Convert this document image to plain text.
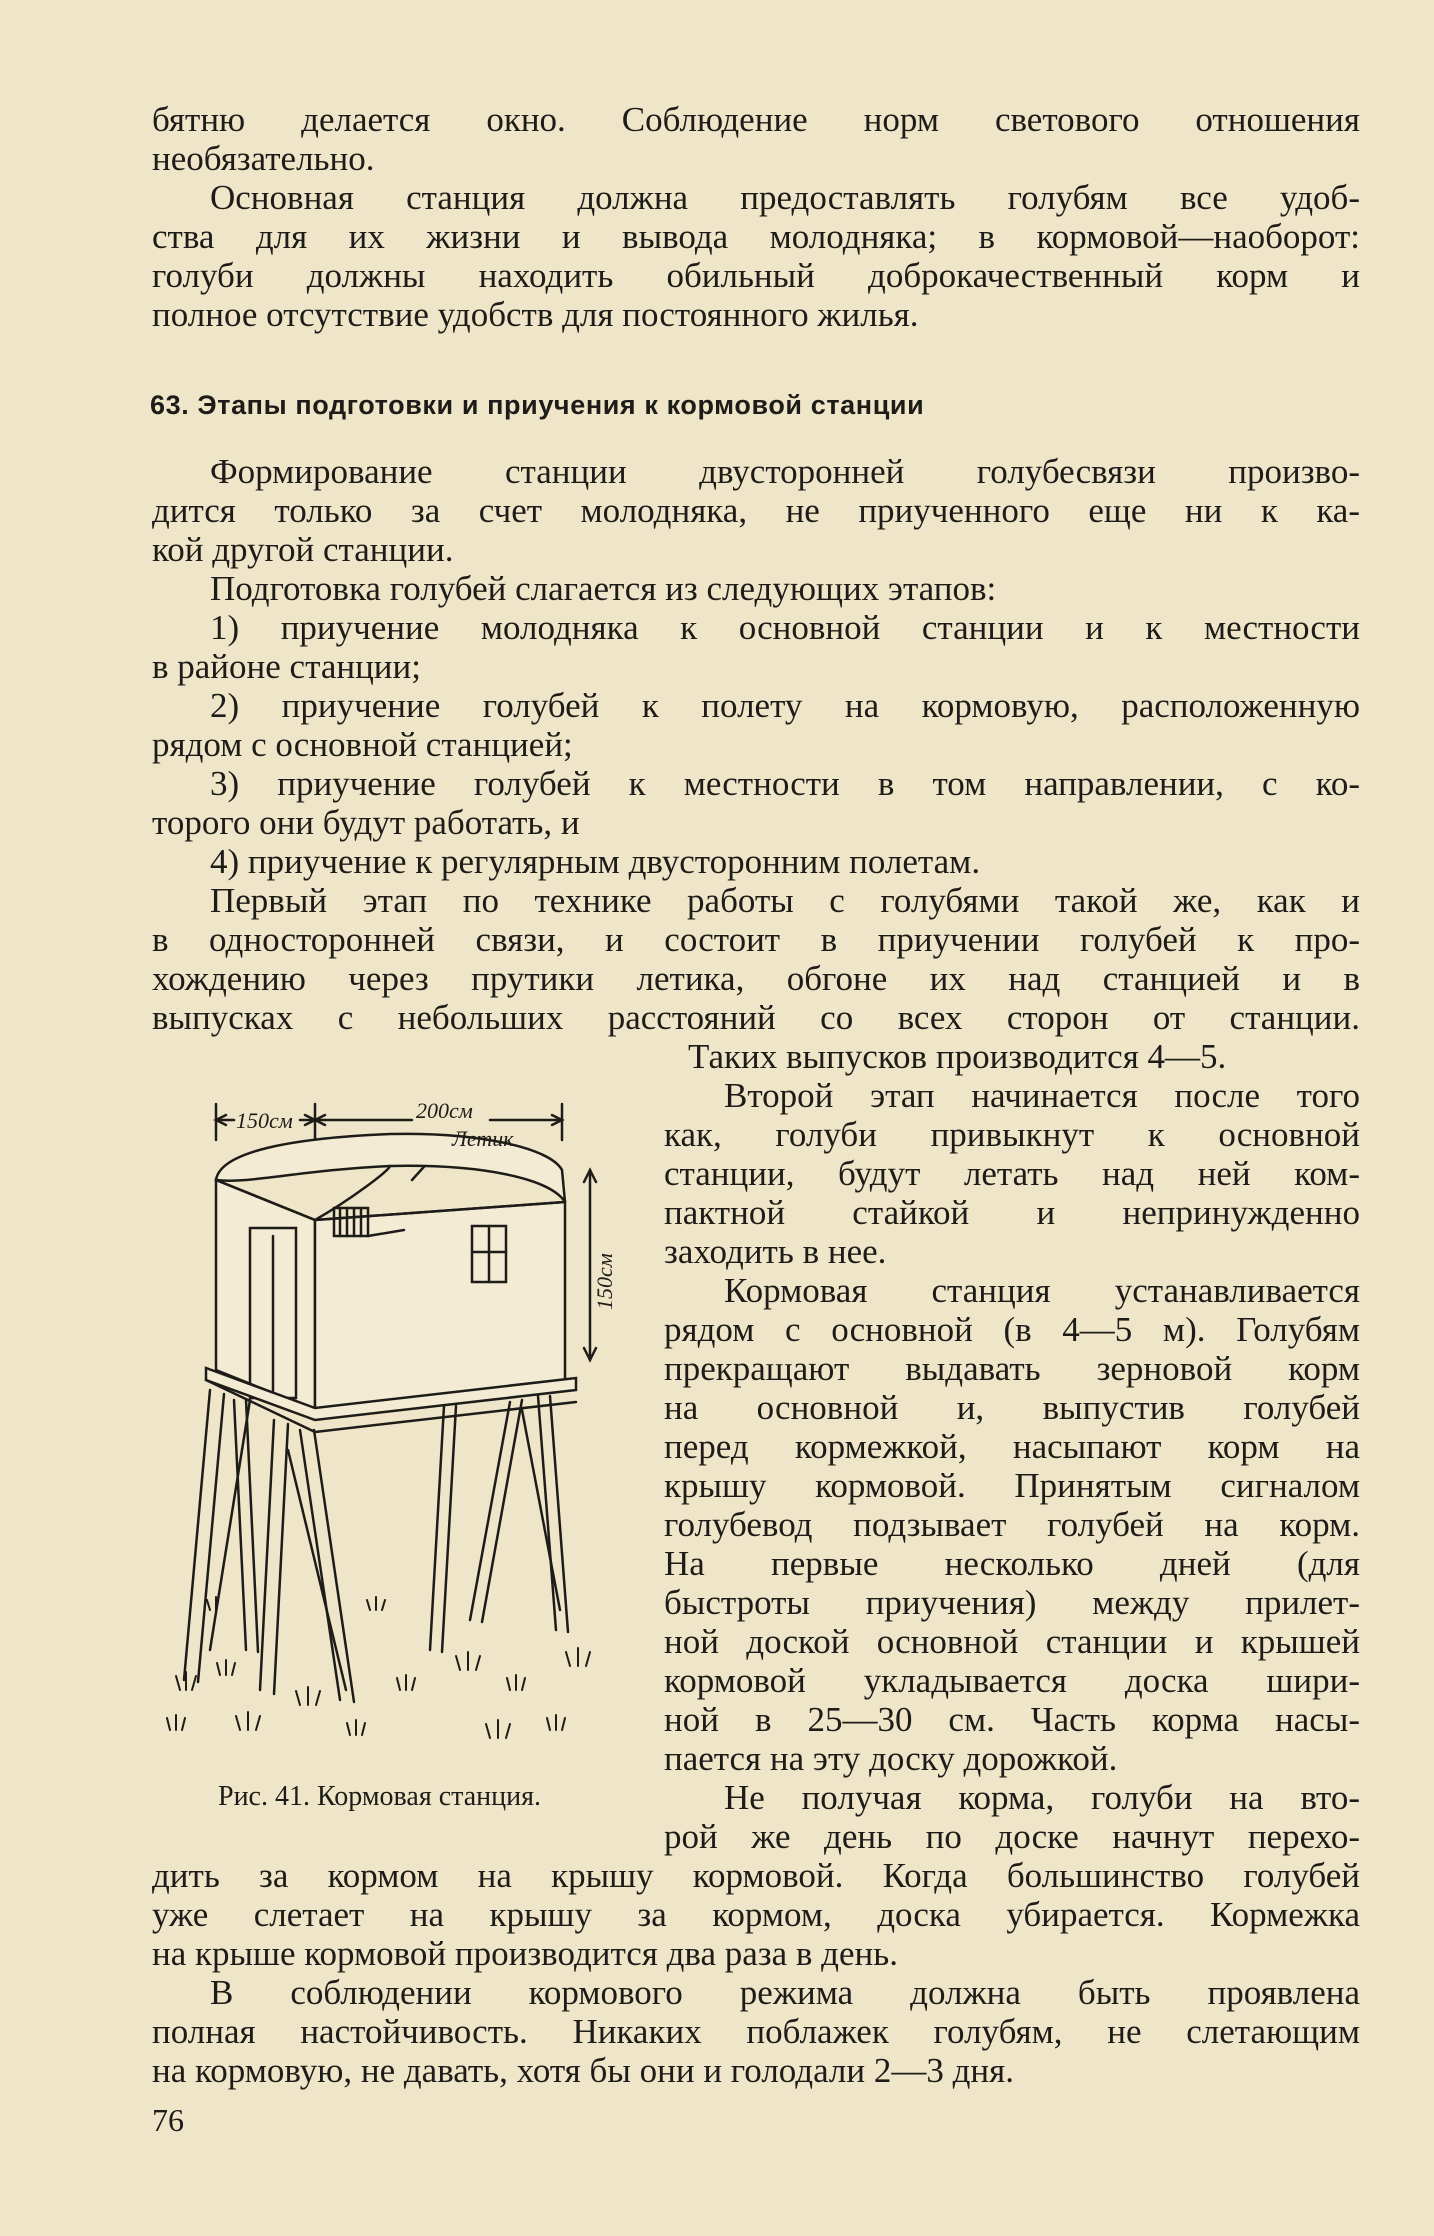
бятню делается окно. Соблюдение норм светового отношения
необязательно.
Основная станция должна предоставлять голубям все удоб-
ства для их жизни и вывода молодняка; в кормовой—наоборот:
голуби должны находить обильный доброкачественный корм и
полное отсутствие удобств для постоянного жилья.
63. Этапы подготовки и приучения к кормовой станции
Формирование станции двусторонней голубесвязи произво-
дится только за счет молодняка, не приученного еще ни к ка-
кой другой станции.
Подготовка голубей слагается из следующих этапов:
1) приучение молодняка к основной станции и к местности
в районе станции;
2) приучение голубей к полету на кормовую, расположенную
рядом с основной станцией;
3) приучение голубей к местности в том направлении, с ко-
торого они будут работать, и
4) приучение к регулярным двусторонним полетам.
Первый этап по технике работы с голубями такой же, как и
в односторонней связи, и состоит в приучении голубей к про-
хождению через прутики летика, обгоне их над станцией и в
выпусках с небольших расстояний со всех сторон от станции.
Таких выпусков производится 4—5.
Второй этап начинается после того
как, голуби привыкнут к основной
станции, будут летать над ней ком-
пактной стайкой и непринужденно
заходить в нее.
Кормовая станция устанавливается
рядом с основной (в 4—5 м). Голубям
прекращают выдавать зерновой корм
на основной и, выпустив голубей
перед кормежкой, насыпают корм на
крышу кормовой. Принятым сигналом
голубевод подзывает голубей на корм.
На первые несколько дней (для
быстроты приучения) между прилет-
ной доской основной станции и крышей
кормовой укладывается доска шири-
ной в 25—30 см. Часть корма насы-
пается на эту доску дорожкой.
Не получая корма, голуби на вто-
рой же день по доске начнут перехо-
дить за кормом на крышу кормовой. Когда большинство голубей
уже слетает на крышу за кормом, доска убирается. Кормежка
на крыше кормовой производится два раза в день.
В соблюдении кормового режима должна быть проявлена
полная настойчивость. Никаких поблажек голубям, не слетающим
на кормовую, не давать, хотя бы они и голодали 2—3 дня.
150см	200см
Летик
150см
Рис. 41. Кормовая станция.
76
